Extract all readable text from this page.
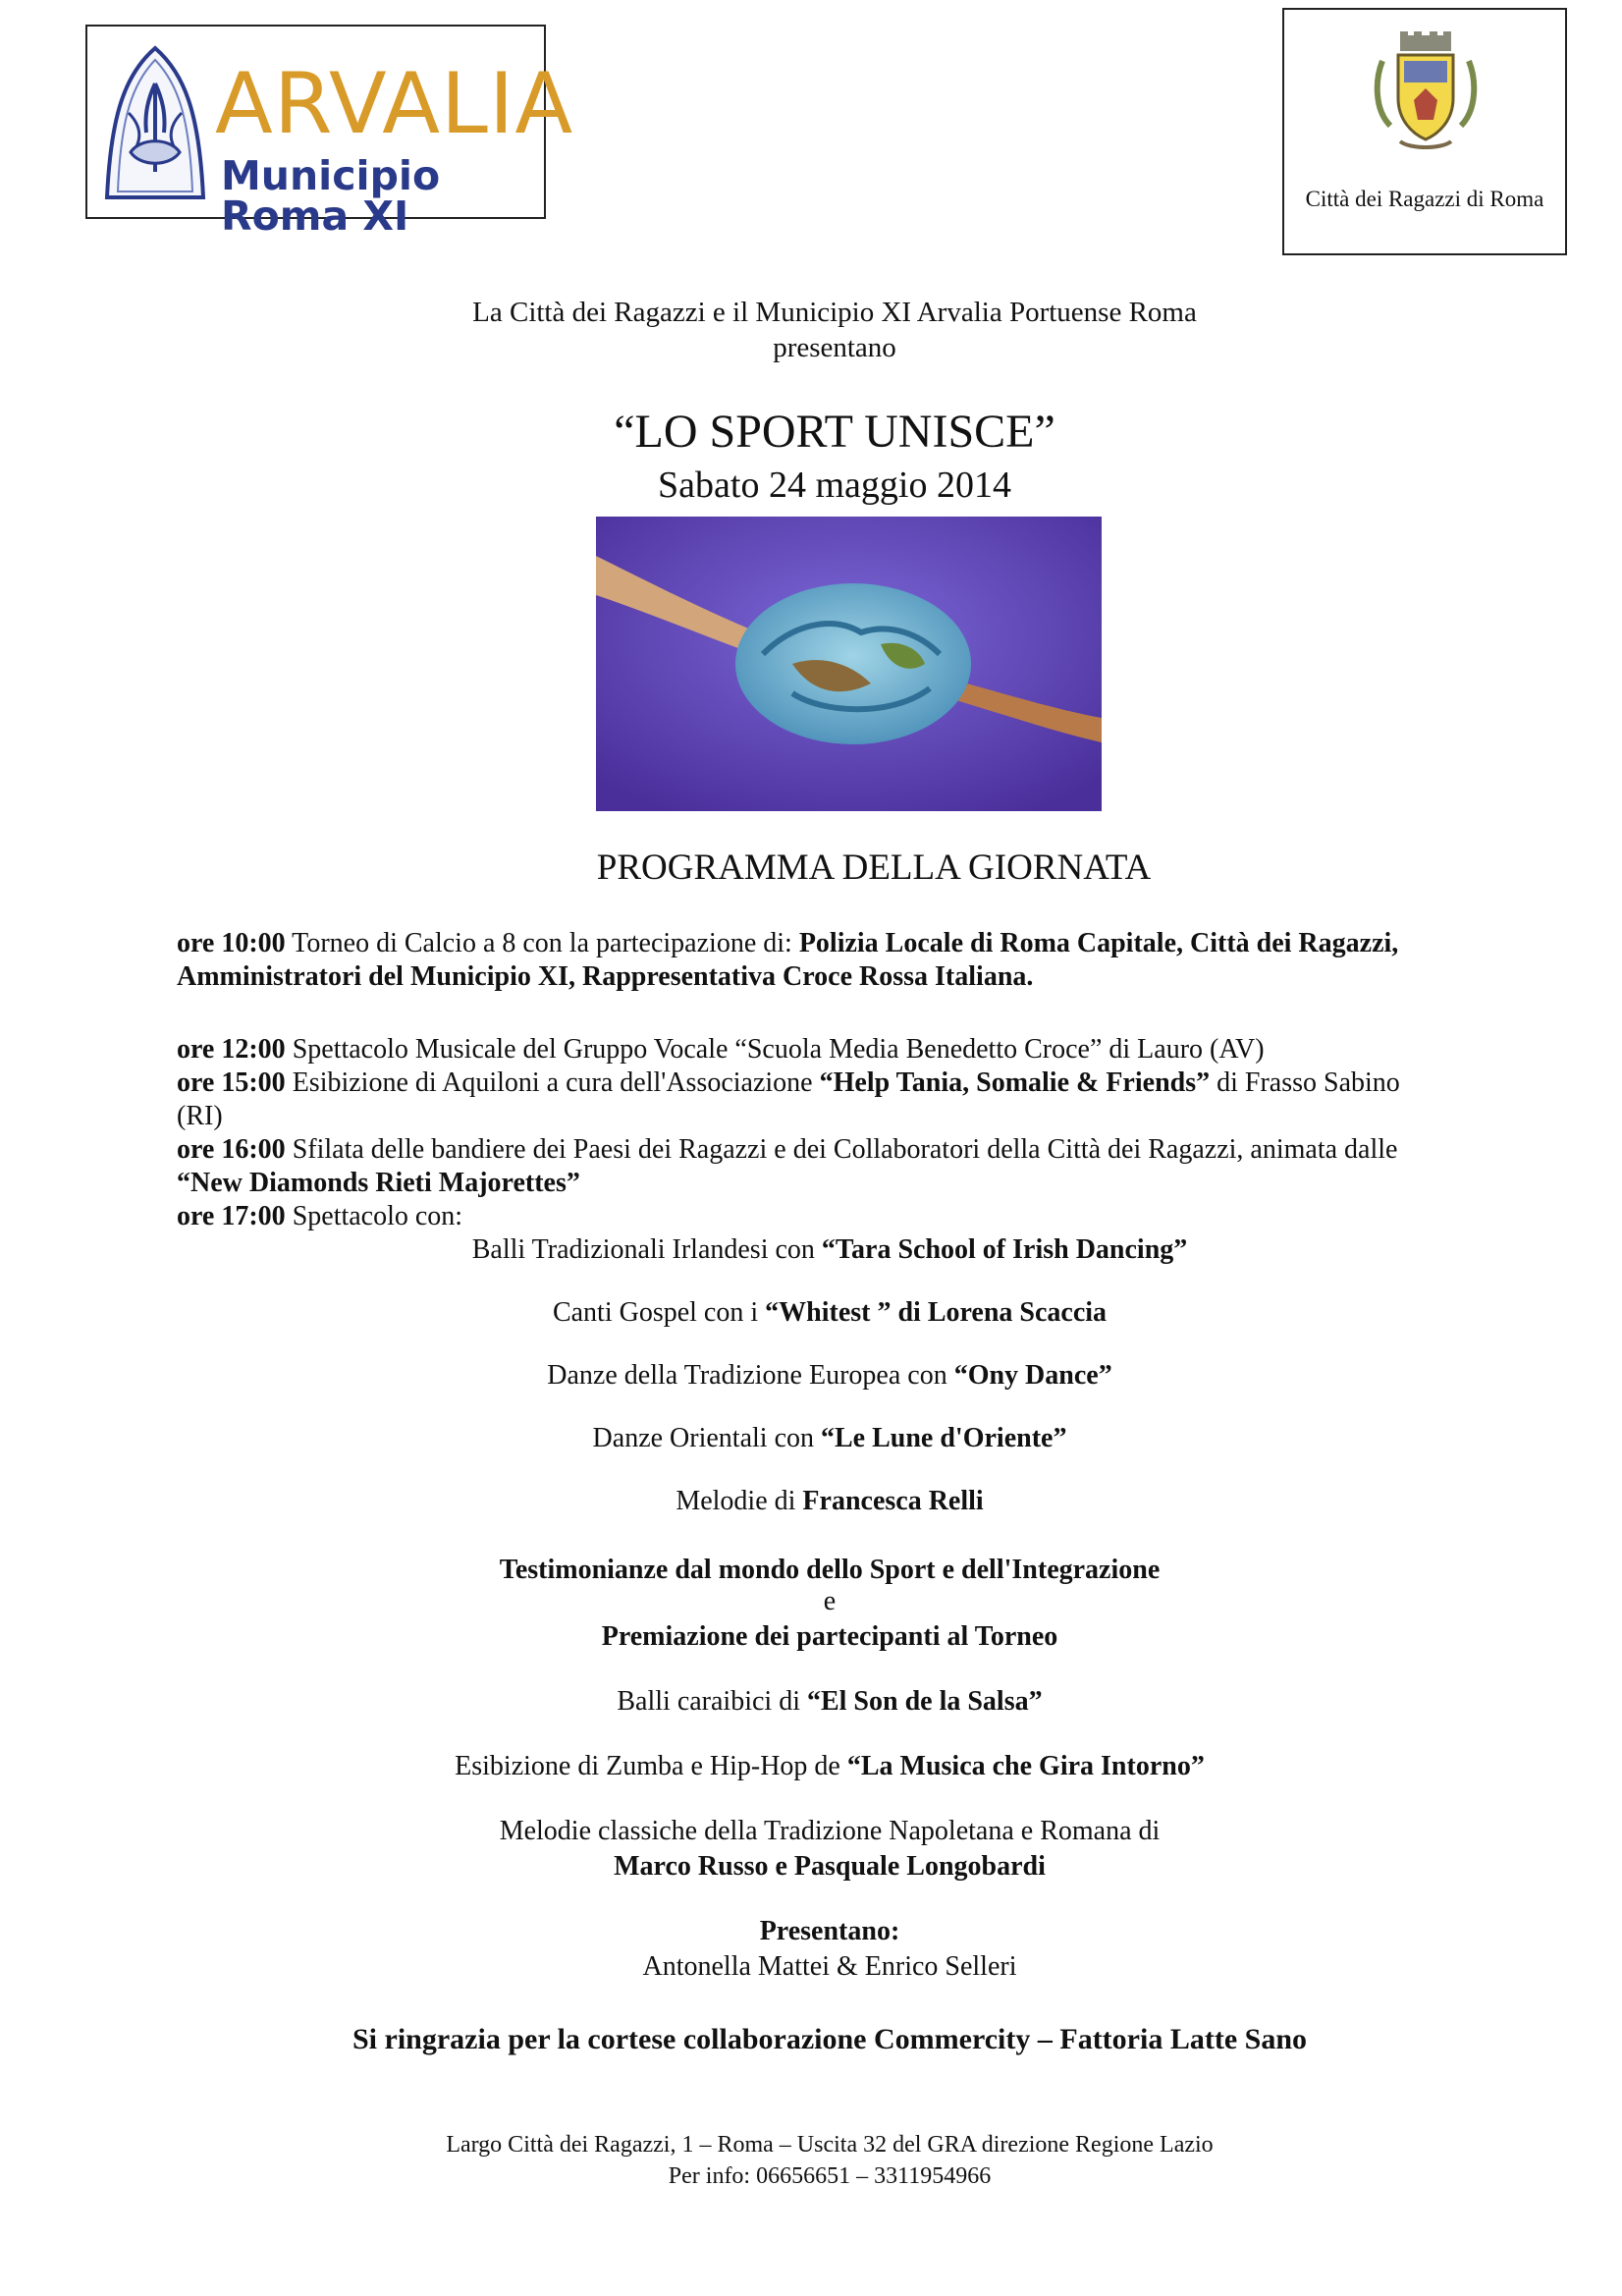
ARVALIA
Municipio Roma XI	Città dei Ragazzi di Roma
La Città dei Ragazzi e il Municipio XI Arvalia Portuense Roma
presentano
“LO SPORT UNISCE”
Sabato 24 maggio 2014
PROGRAMMA DELLA GIORNATA
ore 10:00 Torneo di Calcio a 8 con la partecipazione di: Polizia Locale di Roma Capitale, Città dei Ragazzi,
Amministratori del Municipio XI, Rappresentativa Croce Rossa Italiana.
ore 12:00 Spettacolo Musicale del Gruppo Vocale “Scuola Media Benedetto Croce” di Lauro (AV)
ore 15:00 Esibizione di Aquiloni a cura dell'Associazione “Help Tania, Somalie & Friends” di Frasso Sabino
(RI)
ore 16:00 Sfilata delle bandiere dei Paesi dei Ragazzi e dei Collaboratori della Città dei Ragazzi, animata dalle
“New Diamonds Rieti Majorettes”
ore 17:00 Spettacolo con:
Balli Tradizionali Irlandesi con “Tara School of Irish Dancing”
Canti Gospel con i “Whitest ” di Lorena Scaccia
Danze della Tradizione Europea con “Ony Dance”
Danze Orientali con “Le Lune d'Oriente”
Melodie di Francesca Relli
Testimonianze dal mondo dello Sport e dell'Integrazione
e
Premiazione dei partecipanti al Torneo
Balli caraibici di “El Son de la Salsa”
Esibizione di Zumba e Hip-Hop de “La Musica che Gira Intorno”
Melodie classiche della Tradizione Napoletana e Romana di
Marco Russo e Pasquale Longobardi
Presentano:
Antonella Mattei & Enrico Selleri
Si ringrazia per la cortese collaborazione Commercity – Fattoria Latte Sano
Largo Città dei Ragazzi, 1 – Roma – Uscita 32 del GRA direzione Regione Lazio
Per info: 06656651 – 3311954966
